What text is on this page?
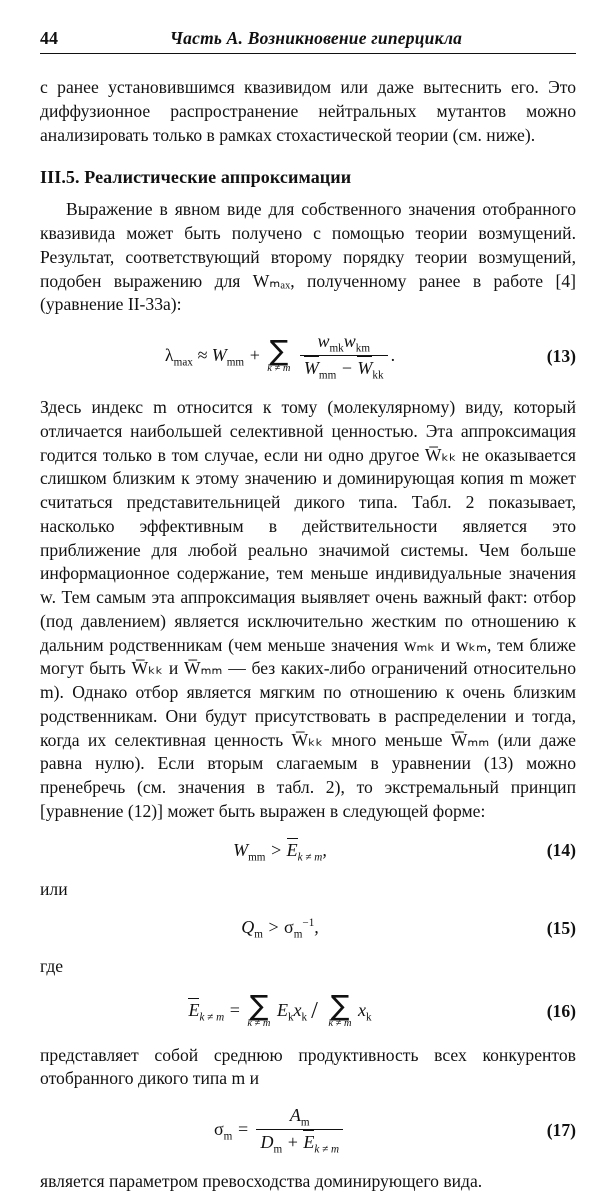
44	Часть А. Возникновение гиперцикла

с ранее установившимся квазивидом или даже вытеснить его. Это диффузионное распространение нейтральных мутантов можно анализировать только в рамках стохастической теории (см. ниже).

III.5. Реалистические аппроксимации

Выражение в явном виде для собственного значения отобранного квазивида может быть получено с помощью теории возмущений. Результат, соответствующий второму порядку теории возмущений, подобен выражению для Wₘₐₓ, полученному ранее в работе [4] (уравнение II-33а):

$\lambda_{max} \approx W_{mm}$ + ∑
k ≠ m
$\frac{w_{mk}w_{km}}{W_{mm} - W_{kk}}$ .	(13)

Здесь индекс m относится к тому (молекулярному) виду, который отличается наибольшей селективной ценностью. Эта аппроксимация годится только в том случае, если ни одно другое W̅ₖₖ не оказывается слишком близким к этому значению и доминирующая копия m может считаться представительницей дикого типа. Табл. 2 показывает, насколько эффективным в действительности является это приближение для любой реально значимой системы. Чем больше информационное содержание, тем меньше индивидуальные значения w. Тем самым эта аппроксимация выявляет очень важный факт: отбор (под давлением) является исключительно жестким по отношению к дальним родственникам (чем меньше значения wₘₖ и wₖₘ, тем ближе могут быть W̅ₖₖ и W̅ₘₘ — без каких-либо ограничений относительно m). Однако отбор является мягким по отношению к очень близким родственникам. Они будут присутствовать в распределении и тогда, когда их селективная ценность W̅ₖₖ много меньше W̅ₘₘ (или даже равна нулю). Если вторым слагаемым в уравнении (13) можно пренебречь (см. значения в табл. 2), то экстремальный принцип [уравнение (12)] может быть выражен в следующей форме:

$W_{mm} > E_{k \ne m}$,	(14)

или

$Q_m > \sigma_m^{-1}$,	(15)

где

$E_{k \ne m}$ = ∑
k ≠ m
$E_kx_k$ / ∑
k ≠ m
$x_k$	(16)

представляет собой среднюю продуктивность всех конкурентов отобранного дикого типа m и

$\sigma_m = \frac{A_m}{D_m + E_{k \ne m}}$	(17)

является параметром превосходства доминирующего вида.
